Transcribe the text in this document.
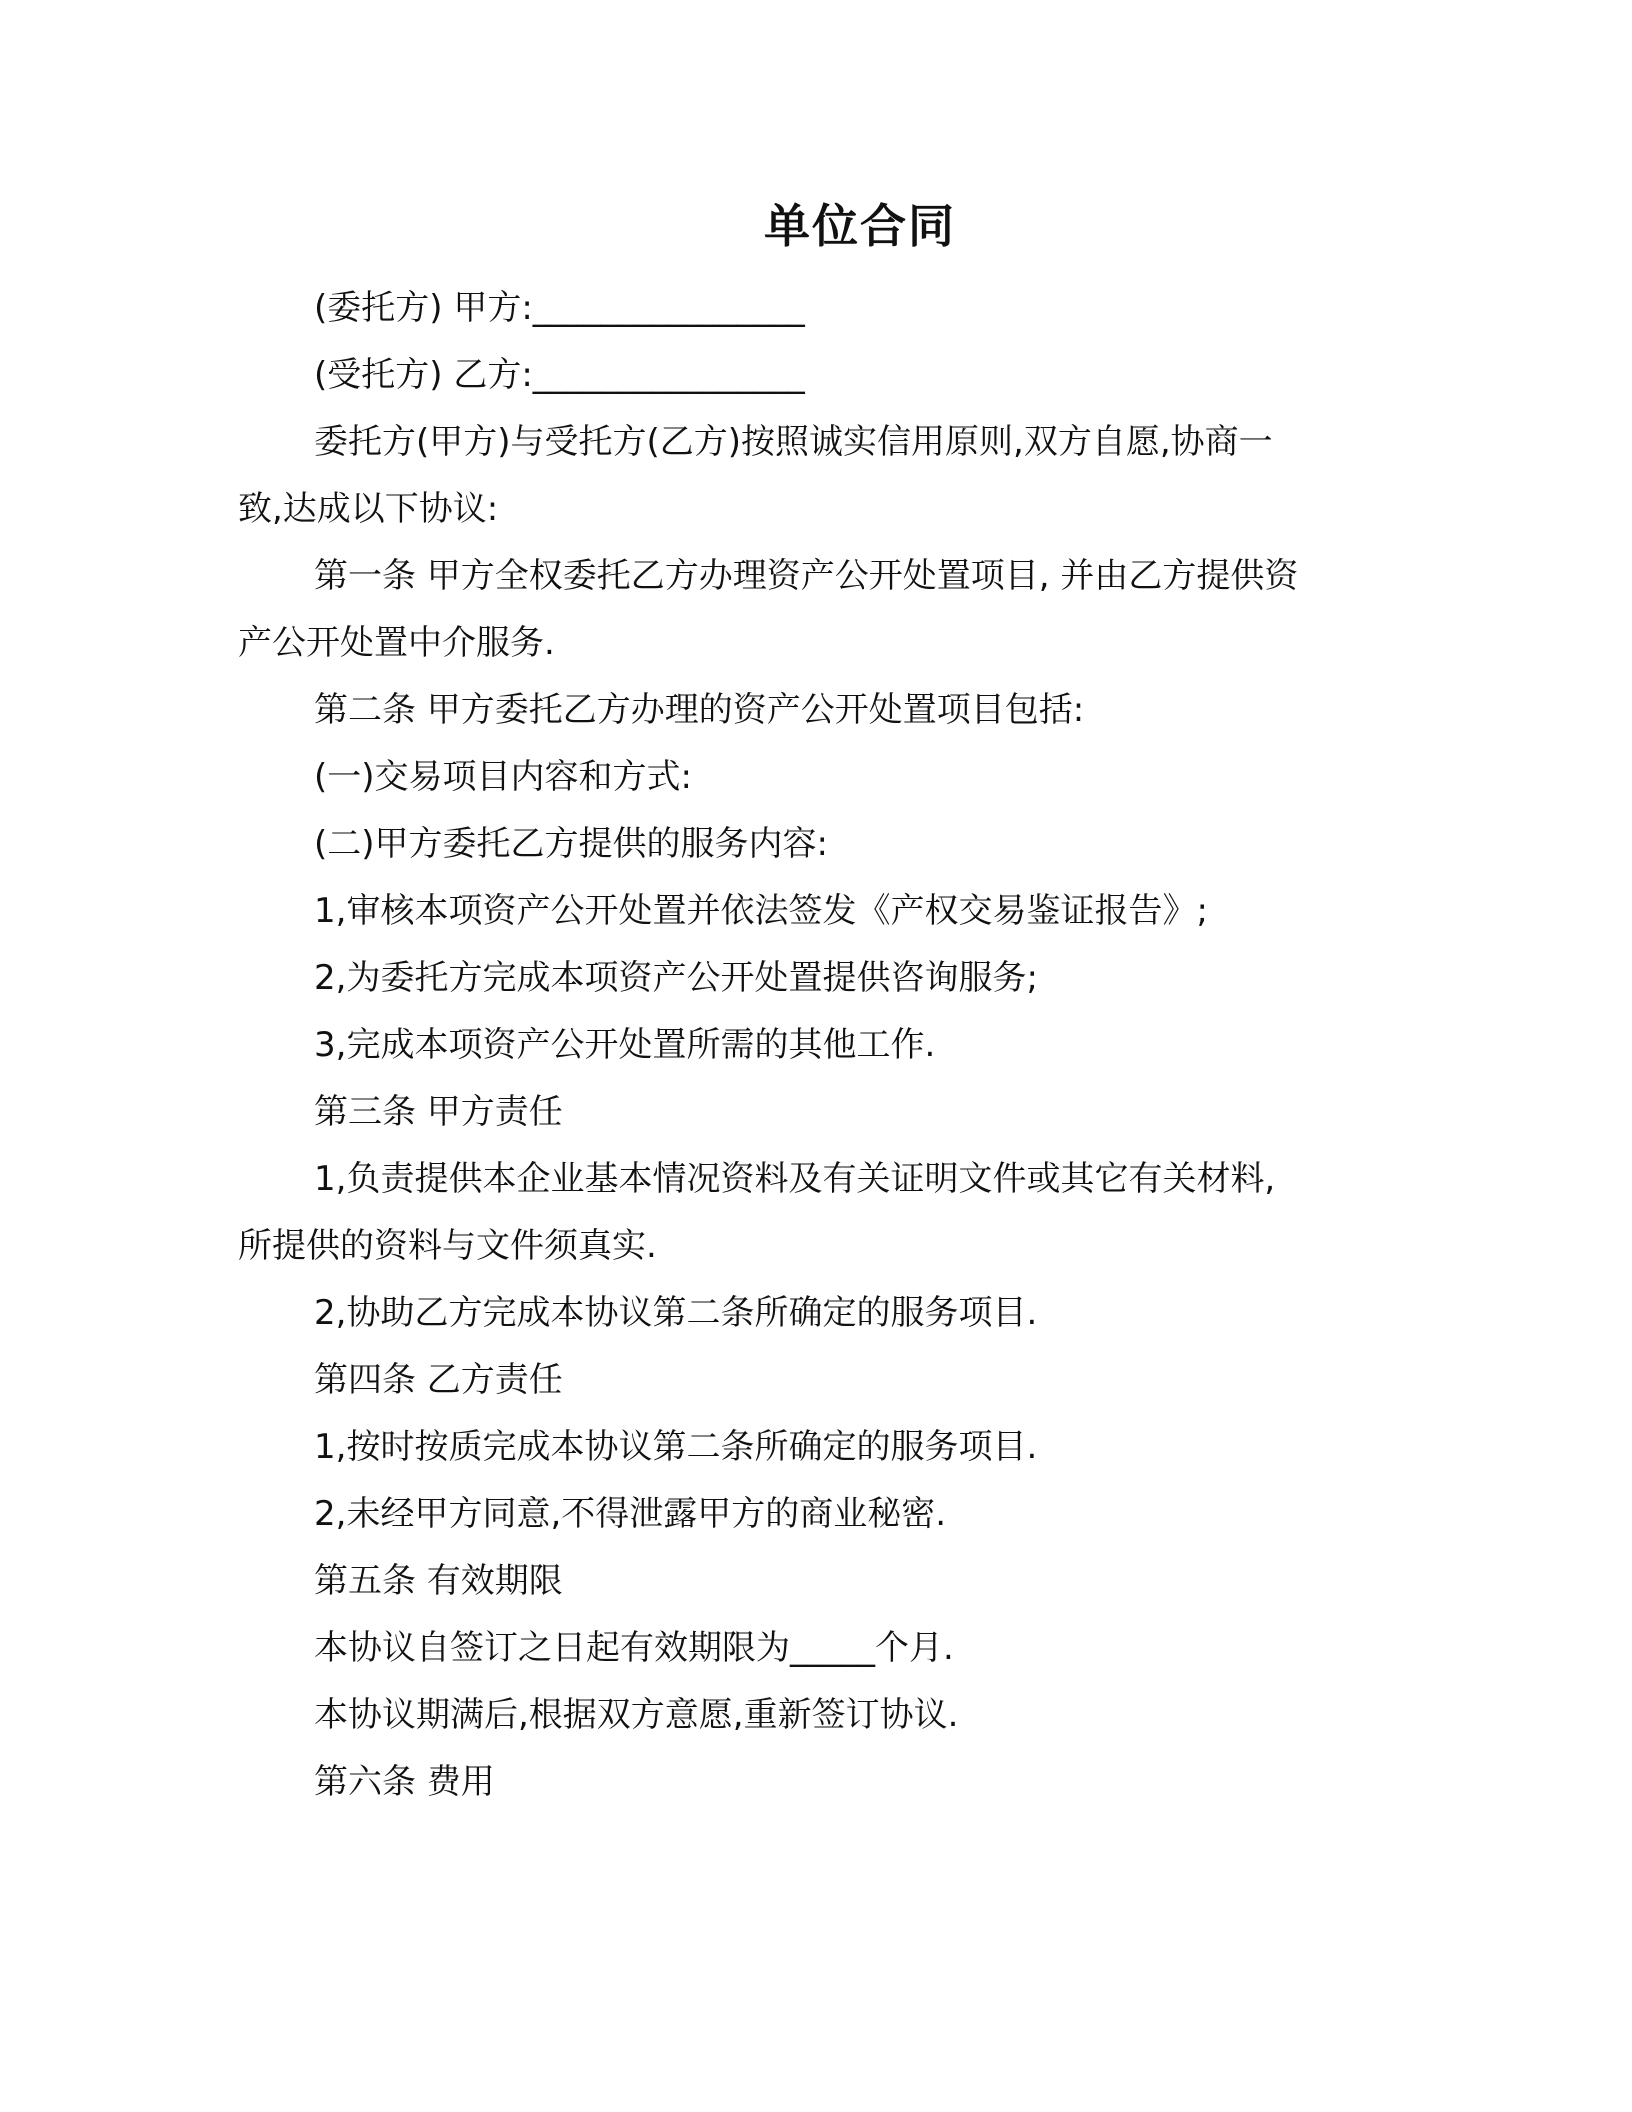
单位合同
(委托方) 甲方:________________
(受托方) 乙方:________________
委托方(甲方)与受托方(乙方)按照诚实信用原则,双方自愿,协商一
致,达成以下协议:
第一条 甲方全权委托乙方办理资产公开处置项目, 并由乙方提供资
产公开处置中介服务.
第二条 甲方委托乙方办理的资产公开处置项目包括:
(一)交易项目内容和方式:
(二)甲方委托乙方提供的服务内容:
1,审核本项资产公开处置并依法签发《产权交易鉴证报告》;
2,为委托方完成本项资产公开处置提供咨询服务;
3,完成本项资产公开处置所需的其他工作.
第三条 甲方责任
1,负责提供本企业基本情况资料及有关证明文件或其它有关材料,
所提供的资料与文件须真实.
2,协助乙方完成本协议第二条所确定的服务项目.
第四条 乙方责任
1,按时按质完成本协议第二条所确定的服务项目.
2,未经甲方同意,不得泄露甲方的商业秘密.
第五条 有效期限
本协议自签订之日起有效期限为_____个月.
本协议期满后,根据双方意愿,重新签订协议.
第六条 费用
